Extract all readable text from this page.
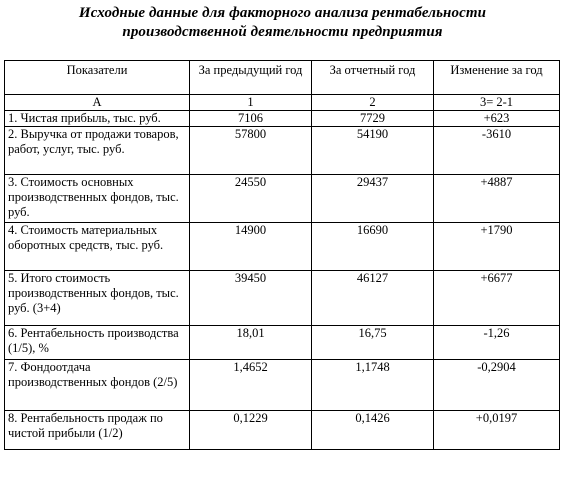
Исходные данные для факторного анализа рентабельности
производственной деятельности предприятия
Показатели	За предыдущий год	За отчетный год	Изменение за год
А	1	2	3= 2-1
1. Чистая прибыль, тыс. руб.	7106	7729	+623
2. Выручка от продажи товаров, работ, услуг, тыс. руб.	57800	54190	-3610
3. Стоимость основных производственных фондов, тыс. руб.	24550	29437	+4887
4. Стоимость материальных оборотных средств, тыс. руб.	14900	16690	+1790
5. Итого стоимость производственных фондов, тыс. руб. (3+4)	39450	46127	+6677
6. Рентабельность производства (1/5), %	18,01	16,75	-1,26
7. Фондоотдача производственных фондов (2/5)	1,4652	1,1748	-0,2904
8. Рентабельность продаж по чистой прибыли (1/2)	0,1229	0,1426	+0,0197
